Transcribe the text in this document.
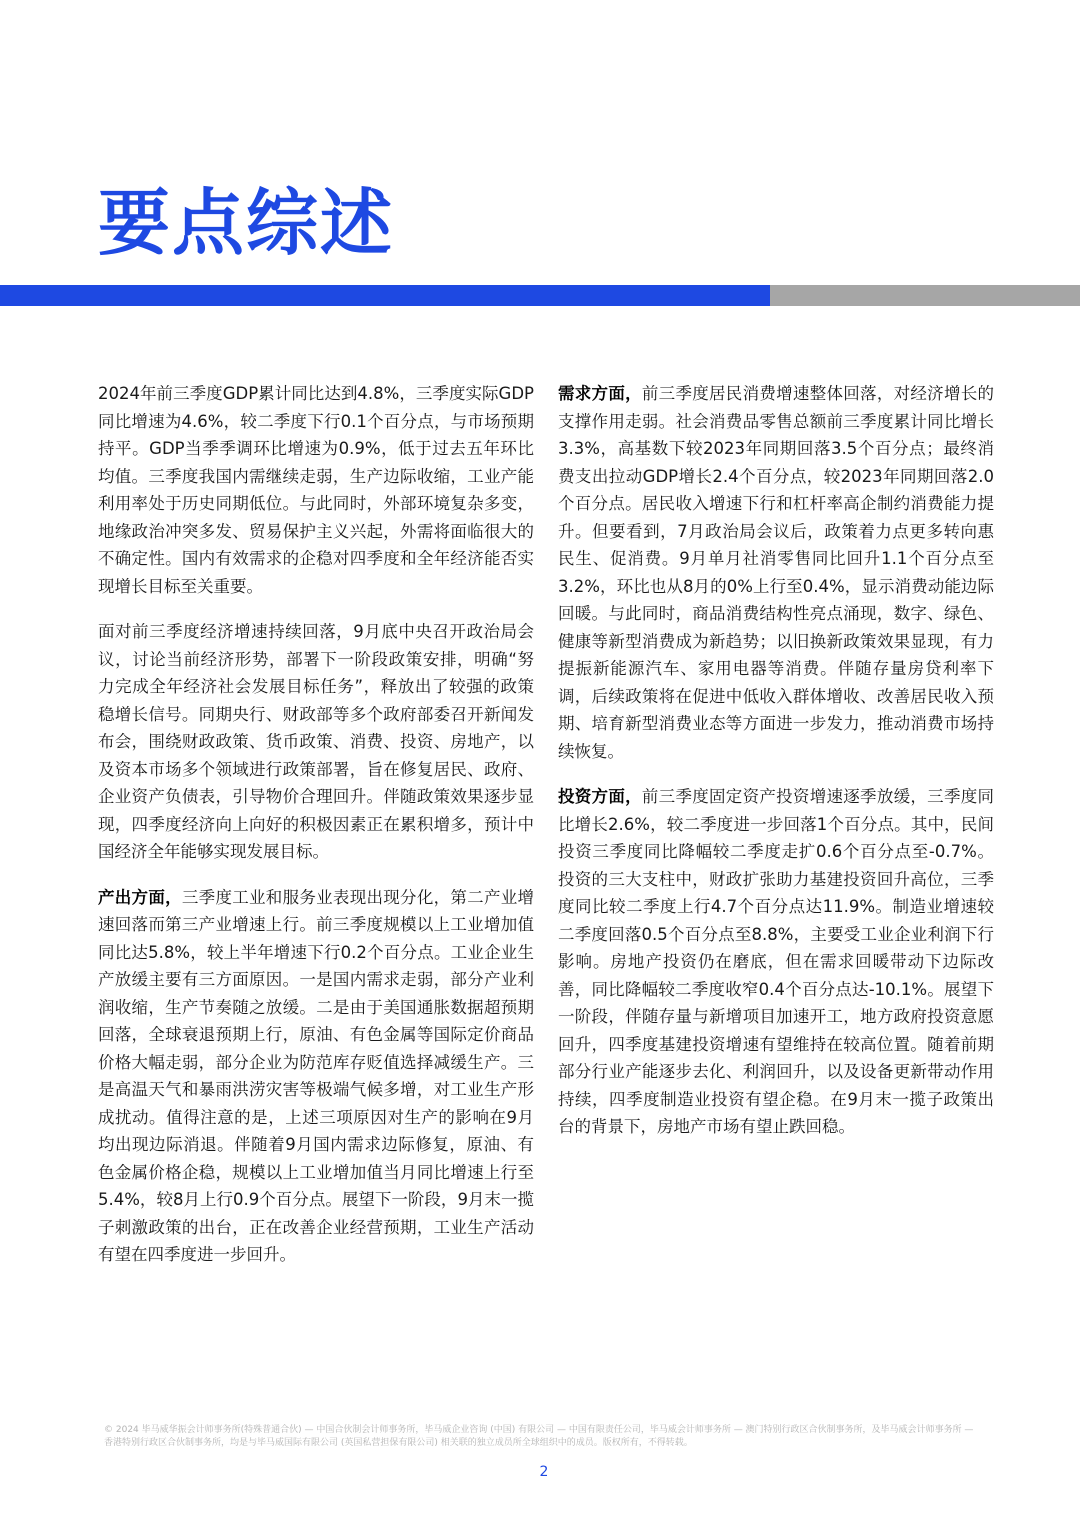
要点综述

2024年前三季度GDP累计同比达到4.8%，三季度实际GDP同比增速为4.6%，较二季度下行0.1个百分点，与市场预期持平。GDP当季季调环比增速为0.9%，低于过去五年环比均值。三季度我国内需继续走弱，生产边际收缩，工业产能利用率处于历史同期低位。与此同时，外部环境复杂多变，地缘政治冲突多发、贸易保护主义兴起，外需将面临很大的不确定性。国内有效需求的企稳对四季度和全年经济能否实现增长目标至关重要。

面对前三季度经济增速持续回落，9月底中央召开政治局会议，讨论当前经济形势，部署下一阶段政策安排，明确“努力完成全年经济社会发展目标任务”，释放出了较强的政策稳增长信号。同期央行、财政部等多个政府部委召开新闻发布会，围绕财政政策、货币政策、消费、投资、房地产，以及资本市场多个领域进行政策部署，旨在修复居民、政府、企业资产负债表，引导物价合理回升。伴随政策效果逐步显现，四季度经济向上向好的积极因素正在累积增多，预计中国经济全年能够实现发展目标。

产出方面，三季度工业和服务业表现出现分化，第二产业增速回落而第三产业增速上行。前三季度规模以上工业增加值同比达5.8%，较上半年增速下行0.2个百分点。工业企业生产放缓主要有三方面原因。一是国内需求走弱，部分产业利润收缩，生产节奏随之放缓。二是由于美国通胀数据超预期回落，全球衰退预期上行，原油、有色金属等国际定价商品价格大幅走弱，部分企业为防范库存贬值选择减缓生产。三是高温天气和暴雨洪涝灾害等极端气候多增，对工业生产形成扰动。值得注意的是，上述三项原因对生产的影响在9月均出现边际消退。伴随着9月国内需求边际修复，原油、有色金属价格企稳，规模以上工业增加值当月同比增速上行至5.4%，较8月上行0.9个百分点。展望下一阶段，9月末一揽子刺激政策的出台，正在改善企业经营预期，工业生产活动有望在四季度进一步回升。

需求方面，前三季度居民消费增速整体回落，对经济增长的支撑作用走弱。社会消费品零售总额前三季度累计同比增长3.3%，高基数下较2023年同期回落3.5个百分点；最终消费支出拉动GDP增长2.4个百分点，较2023年同期回落2.0个百分点。居民收入增速下行和杠杆率高企制约消费能力提升。但要看到，7月政治局会议后，政策着力点更多转向惠民生、促消费。9月单月社消零售同比回升1.1个百分点至3.2%，环比也从8月的0%上行至0.4%，显示消费动能边际回暖。与此同时，商品消费结构性亮点涌现，数字、绿色、健康等新型消费成为新趋势；以旧换新政策效果显现，有力提振新能源汽车、家用电器等消费。伴随存量房贷利率下调，后续政策将在促进中低收入群体增收、改善居民收入预期、培育新型消费业态等方面进一步发力，推动消费市场持续恢复。

投资方面，前三季度固定资产投资增速逐季放缓，三季度同比增长2.6%，较二季度进一步回落1个百分点。其中，民间投资三季度同比降幅较二季度走扩0.6个百分点至-0.7%。投资的三大支柱中，财政扩张助力基建投资回升高位，三季度同比较二季度上行4.7个百分点达11.9%。制造业增速较二季度回落0.5个百分点至8.8%，主要受工业企业利润下行影响。房地产投资仍在磨底，但在需求回暖带动下边际改善，同比降幅较二季度收窄0.4个百分点达-10.1%。展望下一阶段，伴随存量与新增项目加速开工，地方政府投资意愿回升，四季度基建投资增速有望维持在较高位置。随着前期部分行业产能逐步去化、利润回升，以及设备更新带动作用持续，四季度制造业投资有望企稳。在9月末一揽子政策出台的背景下，房地产市场有望止跌回稳。

© 2024 毕马威华振会计师事务所(特殊普通合伙) — 中国合伙制会计师事务所，毕马威企业咨询 (中国) 有限公司 — 中国有限责任公司，毕马威会计师事务所 — 澳门特别行政区合伙制事务所，及毕马威会计师事务所 — 香港特别行政区合伙制事务所，均是与毕马威国际有限公司 (英国私营担保有限公司) 相关联的独立成员所全球组织中的成员。版权所有，不得转载。

2
